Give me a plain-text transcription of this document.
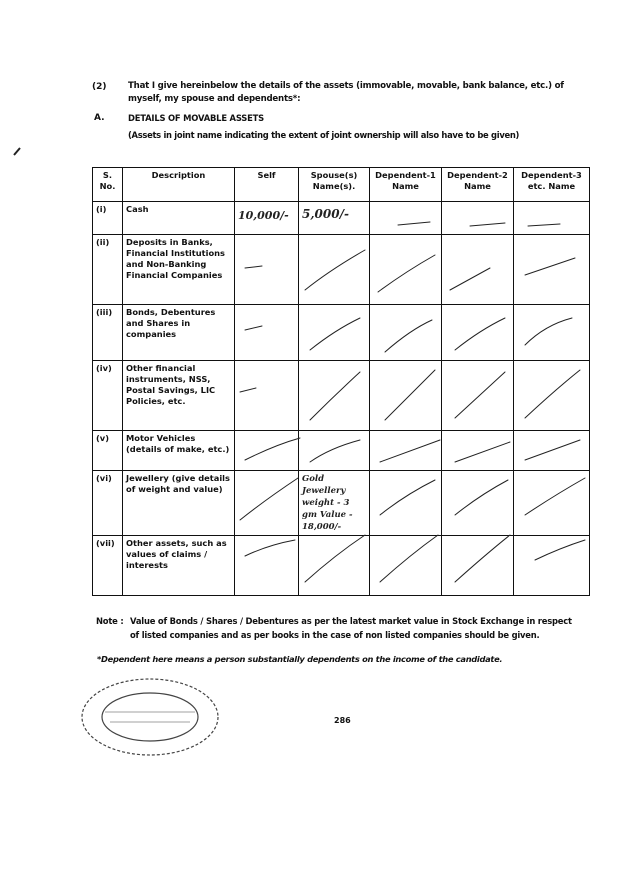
(2)	That I give hereinbelow the details of the assets (immovable, movable, bank balance, etc.) of myself, my spouse and dependents*:
A.	DETAILS OF MOVABLE ASSETS
(Assets in joint name indicating the extent of joint ownership will also have to be given)
S. No.	Description	Self	Spouse(s) Name(s).	Dependent-1 Name	Dependent-2 Name	Dependent-3 etc. Name
(i)	Cash	10,000/-	5,000/-			
(ii)	Deposits in Banks, Financial Institutions and Non-Banking Financial Companies					
(iii)	Bonds, Debentures and Shares in companies					
(iv)	Other financial instruments, NSS, Postal Savings, LIC Policies, etc.					
(v)	Motor Vehicles (details of make, etc.)					
(vi)	Jewellery (give details of weight and value)		Gold Jewellery weight - 3 gm Value - 18,000/-			
(vii)	Other assets, such as values of claims / interests					
Note : Value of Bonds / Shares / Debentures as per the latest market value in Stock Exchange in respect
of listed companies and as per books in the case of non listed companies should be given.
*Dependent here means a person substantially dependents on the income of the candidate.
286
